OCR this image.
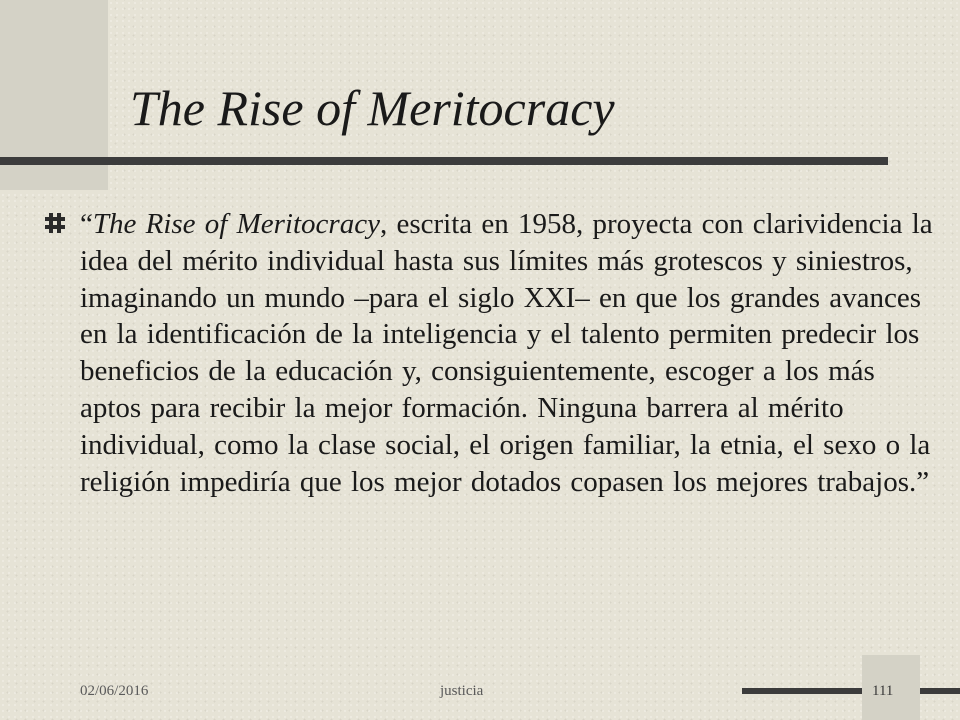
The Rise of Meritocracy

“The Rise of Meritocracy, escrita en 1958, proyecta con clarividencia la idea del mérito individual hasta sus límites más grotescos y siniestros, imaginando un mundo –para el siglo XXI– en que los grandes avances en la identificación de la inteligencia y el talento permiten predecir los beneficios de la educación y, consiguientemente, escoger a los más aptos para recibir la mejor formación. Ninguna barrera al mérito individual, como la clase social, el origen familiar, la etnia, el sexo o la religión impediría que los mejor dotados copasen los mejores trabajos.”

02/06/2016	justicia	111
